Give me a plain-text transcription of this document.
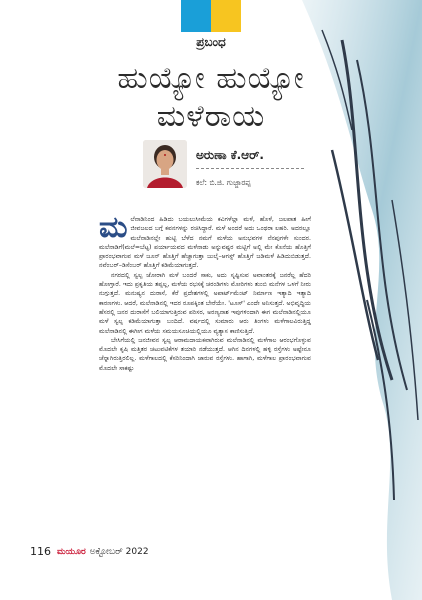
ಪ್ರಬಂಧ
ಹುಯ್ಯೋ ಹುಯ್ಯೋ
ಮಳೆರಾಯ
ಅರುಣಾ ಕೆ.ಆರ್.
ಕಲೆ: ಬಿ.ಜಿ. ಗುಜ್ಜಾರಪ್ಪ

ಮ ಲೆನಾಡಿನಿಂದ ಹಿಡಿದು ಬಯಲುಸೀಮೆಯ ಕವಿಗಳೆಲ್ಲಾ ಮಳೆ, ಹೊಳೆ, ಜಲಪಾತ ಹೀಗೆ ಜೀವಜಲದ ಬಗ್ಗೆ ಕವನಗಳನ್ನು ರಚಿಸಿದ್ದಾರೆ. ಮಳೆ ಅಂದರೆ ಅದು ಒಂಥರಾ ಲಹರಿ. ಅದರಲ್ಲೂ ಮಲೆನಾಡಿನಲ್ಲೇ ಹುಟ್ಟಿ ಬೆಳೆದ ನಮಗೆ ಮಳೆಯ ಅನುಭವಗಳ ನೆನಪುಗಳೇ ಸುಂದರ. ಮಲೆನಾಡಿಗೆ(ಮಲೆ=ಬೆಟ್ಟ) ಪರ್ಯಾಯವದ ಮಳೆನಾಡು ಅನ್ನುವಷ್ಟರ ಮಟ್ಟಿಗೆ ಅಲ್ಲಿ ಮೇ ಕೊನೆಯ ಹೊತ್ತಿಗೆ ಪ್ರಾರಂಭವಾಗುವ ಮಳೆ ಜೂನ್ ಹೊತ್ತಿಗೆ ಹೆಚ್ಚಾಗುತ್ತಾ ಜುಲೈ–ಆಗಸ್ಟ್ ಹೊತ್ತಿಗೆ ಜಡಿಮಳೆ ಹಿಡಿದುಬಿಡುತ್ತದೆ. ನವೆಂಬರ್–ಡಿಸೆಂಬರ್ ಹೊತ್ತಿಗೆ ಕಡಿಮೆಯಾಗುತ್ತದೆ.

ನಗರದಲ್ಲಿ ಸ್ವಲ್ಪ ಜೋರಾಗಿ ಮಳೆ ಬಂದರೆ ಸಾಕು, ಅದು ಸೃಷ್ಟಿಸುವ ಅವಾಂತರಕ್ಕೆ ಜನರೆಲ್ಲ ಹೆದರಿ ಹೋಗ್ತಾರೆ. ಇದು ಪ್ರಕೃತಿಯ ತಪ್ಪಲ್ಲ, ಮಳೆಯ ರಭಸಕ್ಕೆ ಚರಂಡಿಗಳು ಮೋರಿಗಳು ತುಂಬಿ ಮನೆಗಳ ಒಳಗೆ ನೀರು ನುಗ್ಗುತ್ತದೆ. ಮನುಷ್ಯನ ದುರಾಸೆ, ಕೆರೆ ಪ್ರದೇಶಗಳಲ್ಲಿ ಅಪಾರ್ಟ್‌ಮೆಂಟ್ ನಿರ್ಮಾಣ ಇತ್ಯಾದಿ ಇತ್ಯಾದಿ ಕಾರಣಗಳು. ಆದರೆ, ಮಲೆನಾಡಿನಲ್ಲಿ ಇದರ ರೂಪಕ್ಕಿಂತ ಬೇರೆಯೇ. 'ಟೂಸ್' ಎಂದೇ ಅನಿಸುತ್ತದೆ. ಅಭಿವೃದ್ಧಿಯ ಹೆಸರಲ್ಲಿ ಜನರ ದುರಾಸೆಗೆ ಬಲಿಯಾಗುತ್ತಿರುವ ಪರಿಸರ, ಅರಣ್ಯನಾಶ ಇವುಗಳಿಂದಾಗಿ ಈಗ ಮಲೆನಾಡಿನಲ್ಲಿಯೂ ಮಳೆ ಸ್ವಲ್ಪ ಕಡಿಮೆಯಾಗುತ್ತಾ ಬಂದಿದೆ. ವರ್ಷದಲ್ಲಿ ಸುಮಾರು ಆರು ತಿಂಗಳು ಮಳೆಗಾಲವಿರುತ್ತಿದ್ದ ಮಲೆನಾಡಿನಲ್ಲಿ ಈಗೀಗ ಮಳೆಯ ಸಮಯಸೂಚಿಯಲ್ಲಿಯೂ ವ್ಯತ್ಯಾಸ ಕಾಣಿಸುತ್ತಿದೆ.

ಬೇಸಿಗೆಯಲ್ಲಿ ಜನಜೀವನ ಸ್ವಲ್ಪ ಆರಾಮದಾಯಕವಾಗಿರುವ ಮಲೆನಾಡಿನಲ್ಲಿ ಮಳೆಗಾಲ ಆರಂಭಗೊಳ್ಳುವ ಮೊದಲೇ ಕೃಷಿ ಮತ್ತಿತರ ಚಟುವಟಿಕೆಗಳ ತಯಾರಿ ನಡೆಯುತ್ತದೆ. ಆಗಿನ ದಿನಗಳಲ್ಲಿ ಹಳ್ಳಿ ರಸ್ತೆಗಳು ಅಷ್ಟೇನೂ ಚೆನ್ನಾಗಿರುತ್ತಿರಲಿಲ್ಲ. ಮಳೆಗಾಲದಲ್ಲಿ ಕೆಸರಿನಿಂದಾಗಿ ಜಾರುವ ರಸ್ತೆಗಳು. ಹಾಗಾಗಿ, ಮಳೆಗಾಲ ಪ್ರಾರಂಭವಾಗುವ ಮೊದಲೇ ಸಾಕಷ್ಟು

116 ಮಯೂರ ಅಕ್ಟೋಬರ್ 2022
